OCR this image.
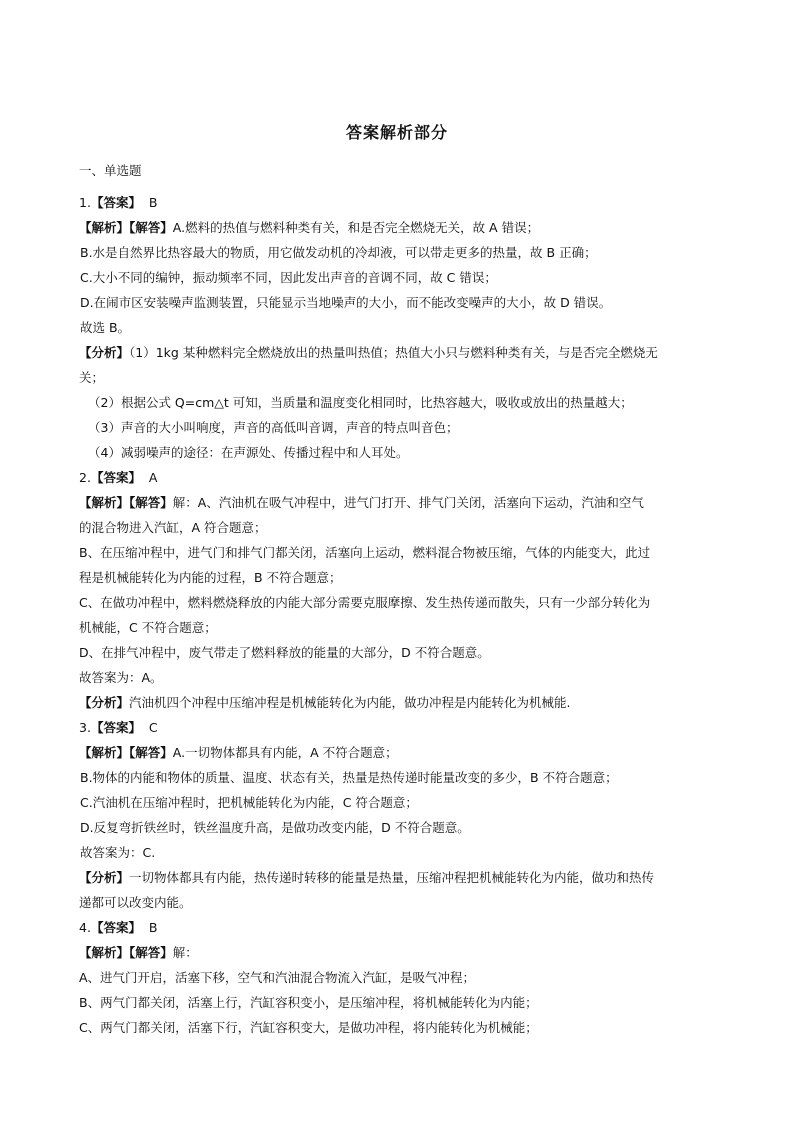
答案解析部分
一、单选题
1.【答案】 B
【解析】【解答】A.燃料的热值与燃料种类有关，和是否完全燃烧无关，故 A 错误；
B.水是自然界比热容最大的物质，用它做发动机的冷却液，可以带走更多的热量，故 B 正确；
C.大小不同的编钟，振动频率不同，因此发出声音的音调不同，故 C 错误；
D.在闹市区安装噪声监测装置，只能显示当地噪声的大小，而不能改变噪声的大小，故 D 错误。
故选 B。
【分析】（1）1kg 某种燃料完全燃烧放出的热量叫热值；热值大小只与燃料种类有关，与是否完全燃烧无
关；
（2）根据公式 Q=cm△t 可知，当质量和温度变化相同时，比热容越大，吸收或放出的热量越大；
（3）声音的大小叫响度，声音的高低叫音调，声音的特点叫音色；
（4）减弱噪声的途径：在声源处、传播过程中和人耳处。
2.【答案】 A
【解析】【解答】解：A、汽油机在吸气冲程中，进气门打开、排气门关闭，活塞向下运动，汽油和空气
的混合物进入汽缸，A 符合题意；
B、在压缩冲程中，进气门和排气门都关闭，活塞向上运动，燃料混合物被压缩，气体的内能变大，此过
程是机械能转化为内能的过程，B 不符合题意；
C、在做功冲程中，燃料燃烧释放的内能大部分需要克服摩擦、发生热传递而散失，只有一少部分转化为
机械能，C 不符合题意；
D、在排气冲程中，废气带走了燃料释放的能量的大部分，D 不符合题意。
故答案为：A。
【分析】汽油机四个冲程中压缩冲程是机械能转化为内能，做功冲程是内能转化为机械能.
3.【答案】 C
【解析】【解答】A.一切物体都具有内能，A 不符合题意；
B.物体的内能和物体的质量、温度、状态有关，热量是热传递时能量改变的多少，B 不符合题意；
C.汽油机在压缩冲程时，把机械能转化为内能，C 符合题意；
D.反复弯折铁丝时，铁丝温度升高，是做功改变内能，D 不符合题意。
故答案为：C.
【分析】一切物体都具有内能，热传递时转移的能量是热量，压缩冲程把机械能转化为内能，做功和热传
递都可以改变内能。
4.【答案】 B
【解析】【解答】解：
A、进气门开启，活塞下移，空气和汽油混合物流入汽缸，是吸气冲程；
B、两气门都关闭，活塞上行，汽缸容积变小，是压缩冲程，将机械能转化为内能；
C、两气门都关闭，活塞下行，汽缸容积变大，是做功冲程，将内能转化为机械能；
